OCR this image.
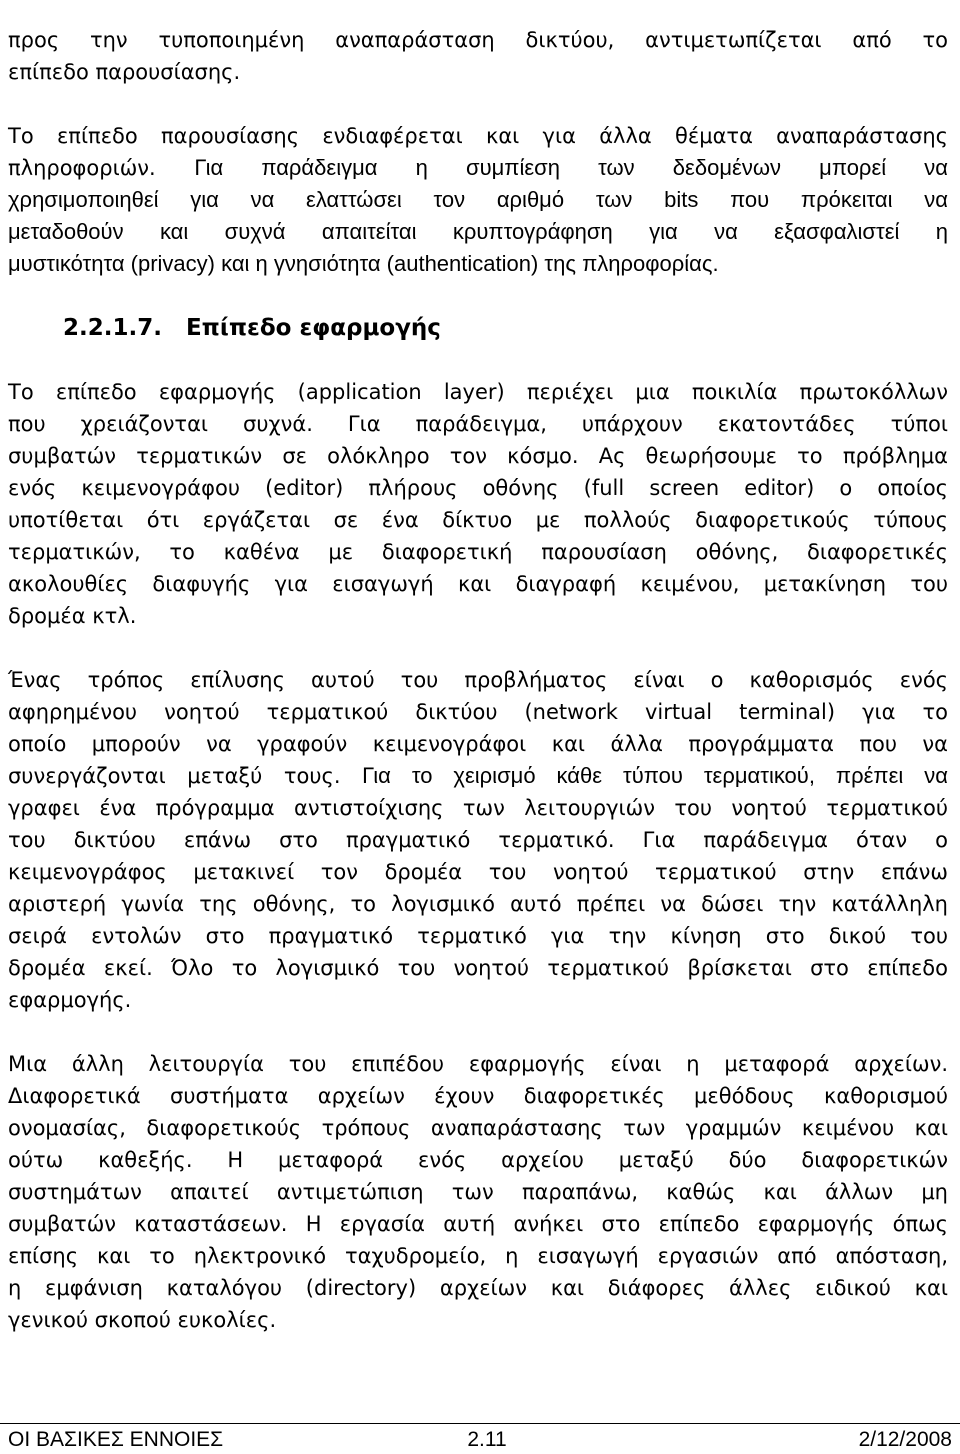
προς την τυποποιημένη αναπαράσταση δικτύου, αντιμετωπίζεται από το
επίπεδο παρουσίασης.
Το επίπεδο παρουσίασης ενδιαφέρεται και για άλλα θέματα αναπαράστασης
πληροφοριών. Για παράδειγμα η συμπίεση των δεδομένων μπορεί να
χρησιμοποιηθεί για να ελαττώσει τον αριθμό των bits που πρόκειται να
μεταδοθούν και συχνά απαιτείται κρυπτογράφηση για να εξασφαλιστεί η
μυστικότητα (privacy) και η γνησιότητα (authentication) της πληροφορίας.
2.2.1.7. Επίπεδο εφαρμογής
Το επίπεδο εφαρμογής (application layer) περιέχει μια ποικιλία πρωτοκόλλων
που χρειάζονται συχνά. Για παράδειγμα, υπάρχουν εκατοντάδες τύποι
συμβατών τερματικών σε ολόκληρο τον κόσμο. Ας θεωρήσουμε το πρόβλημα
ενός κειμενογράφου (editor) πλήρους οθόνης (full screen editor) ο οποίος
υποτίθεται ότι εργάζεται σε ένα δίκτυο με πολλούς διαφορετικούς τύπους
τερματικών, το καθένα με διαφορετική παρουσίαση οθόνης, διαφορετικές
ακολουθίες διαφυγής για εισαγωγή και διαγραφή κειμένου, μετακίνηση του
δρομέα κτλ.
Ένας τρόπος επίλυσης αυτού του προβλήματος είναι ο καθορισμός ενός
αφηρημένου νοητού τερματικού δικτύου (network virtual terminal) για το
οποίο μπορούν να γραφούν κειμενογράφοι και άλλα προγράμματα που να
συνεργάζονται μεταξύ τους. Για το χειρισμό κάθε τύπου τερματικού, πρέπει να
γραφει ένα πρόγραμμα αντιστοίχισης των λειτουργιών του νοητού τερματικού
του δικτύου επάνω στο πραγματικό τερματικό. Για παράδειγμα όταν ο
κειμενογράφος μετακινεί τον δρομέα του νοητού τερματικού στην επάνω
αριστερή γωνία της οθόνης, το λογισμικό αυτό πρέπει να δώσει την κατάλληλη
σειρά εντολών στο πραγματικό τερματικό για την κίνηση στο δικού του
δρομέα εκεί. Όλο το λογισμικό του νοητού τερματικού βρίσκεται στο επίπεδο
εφαρμογής.
Μια άλλη λειτουργία του επιπέδου εφαρμογής είναι η μεταφορά αρχείων.
Διαφορετικά συστήματα αρχείων έχουν διαφορετικές μεθόδους καθορισμού
ονομασίας, διαφορετικούς τρόπους αναπαράστασης των γραμμών κειμένου και
ούτω καθεξής. Η μεταφορά ενός αρχείου μεταξύ δύο διαφορετικών
συστημάτων απαιτεί αντιμετώπιση των παραπάνω, καθώς και άλλων μη
συμβατών καταστάσεων. Η εργασία αυτή ανήκει στο επίπεδο εφαρμογής όπως
επίσης και το ηλεκτρονικό ταχυδρομείο, η εισαγωγή εργασιών από απόσταση,
η εμφάνιση καταλόγου (directory) αρχείων και διάφορες άλλες ειδικού και
γενικού σκοπού ευκολίες.
ΟΙ ΒΑΣΙΚΕΣ ΕΝΝΟΙΕΣ	2.11	2/12/2008
